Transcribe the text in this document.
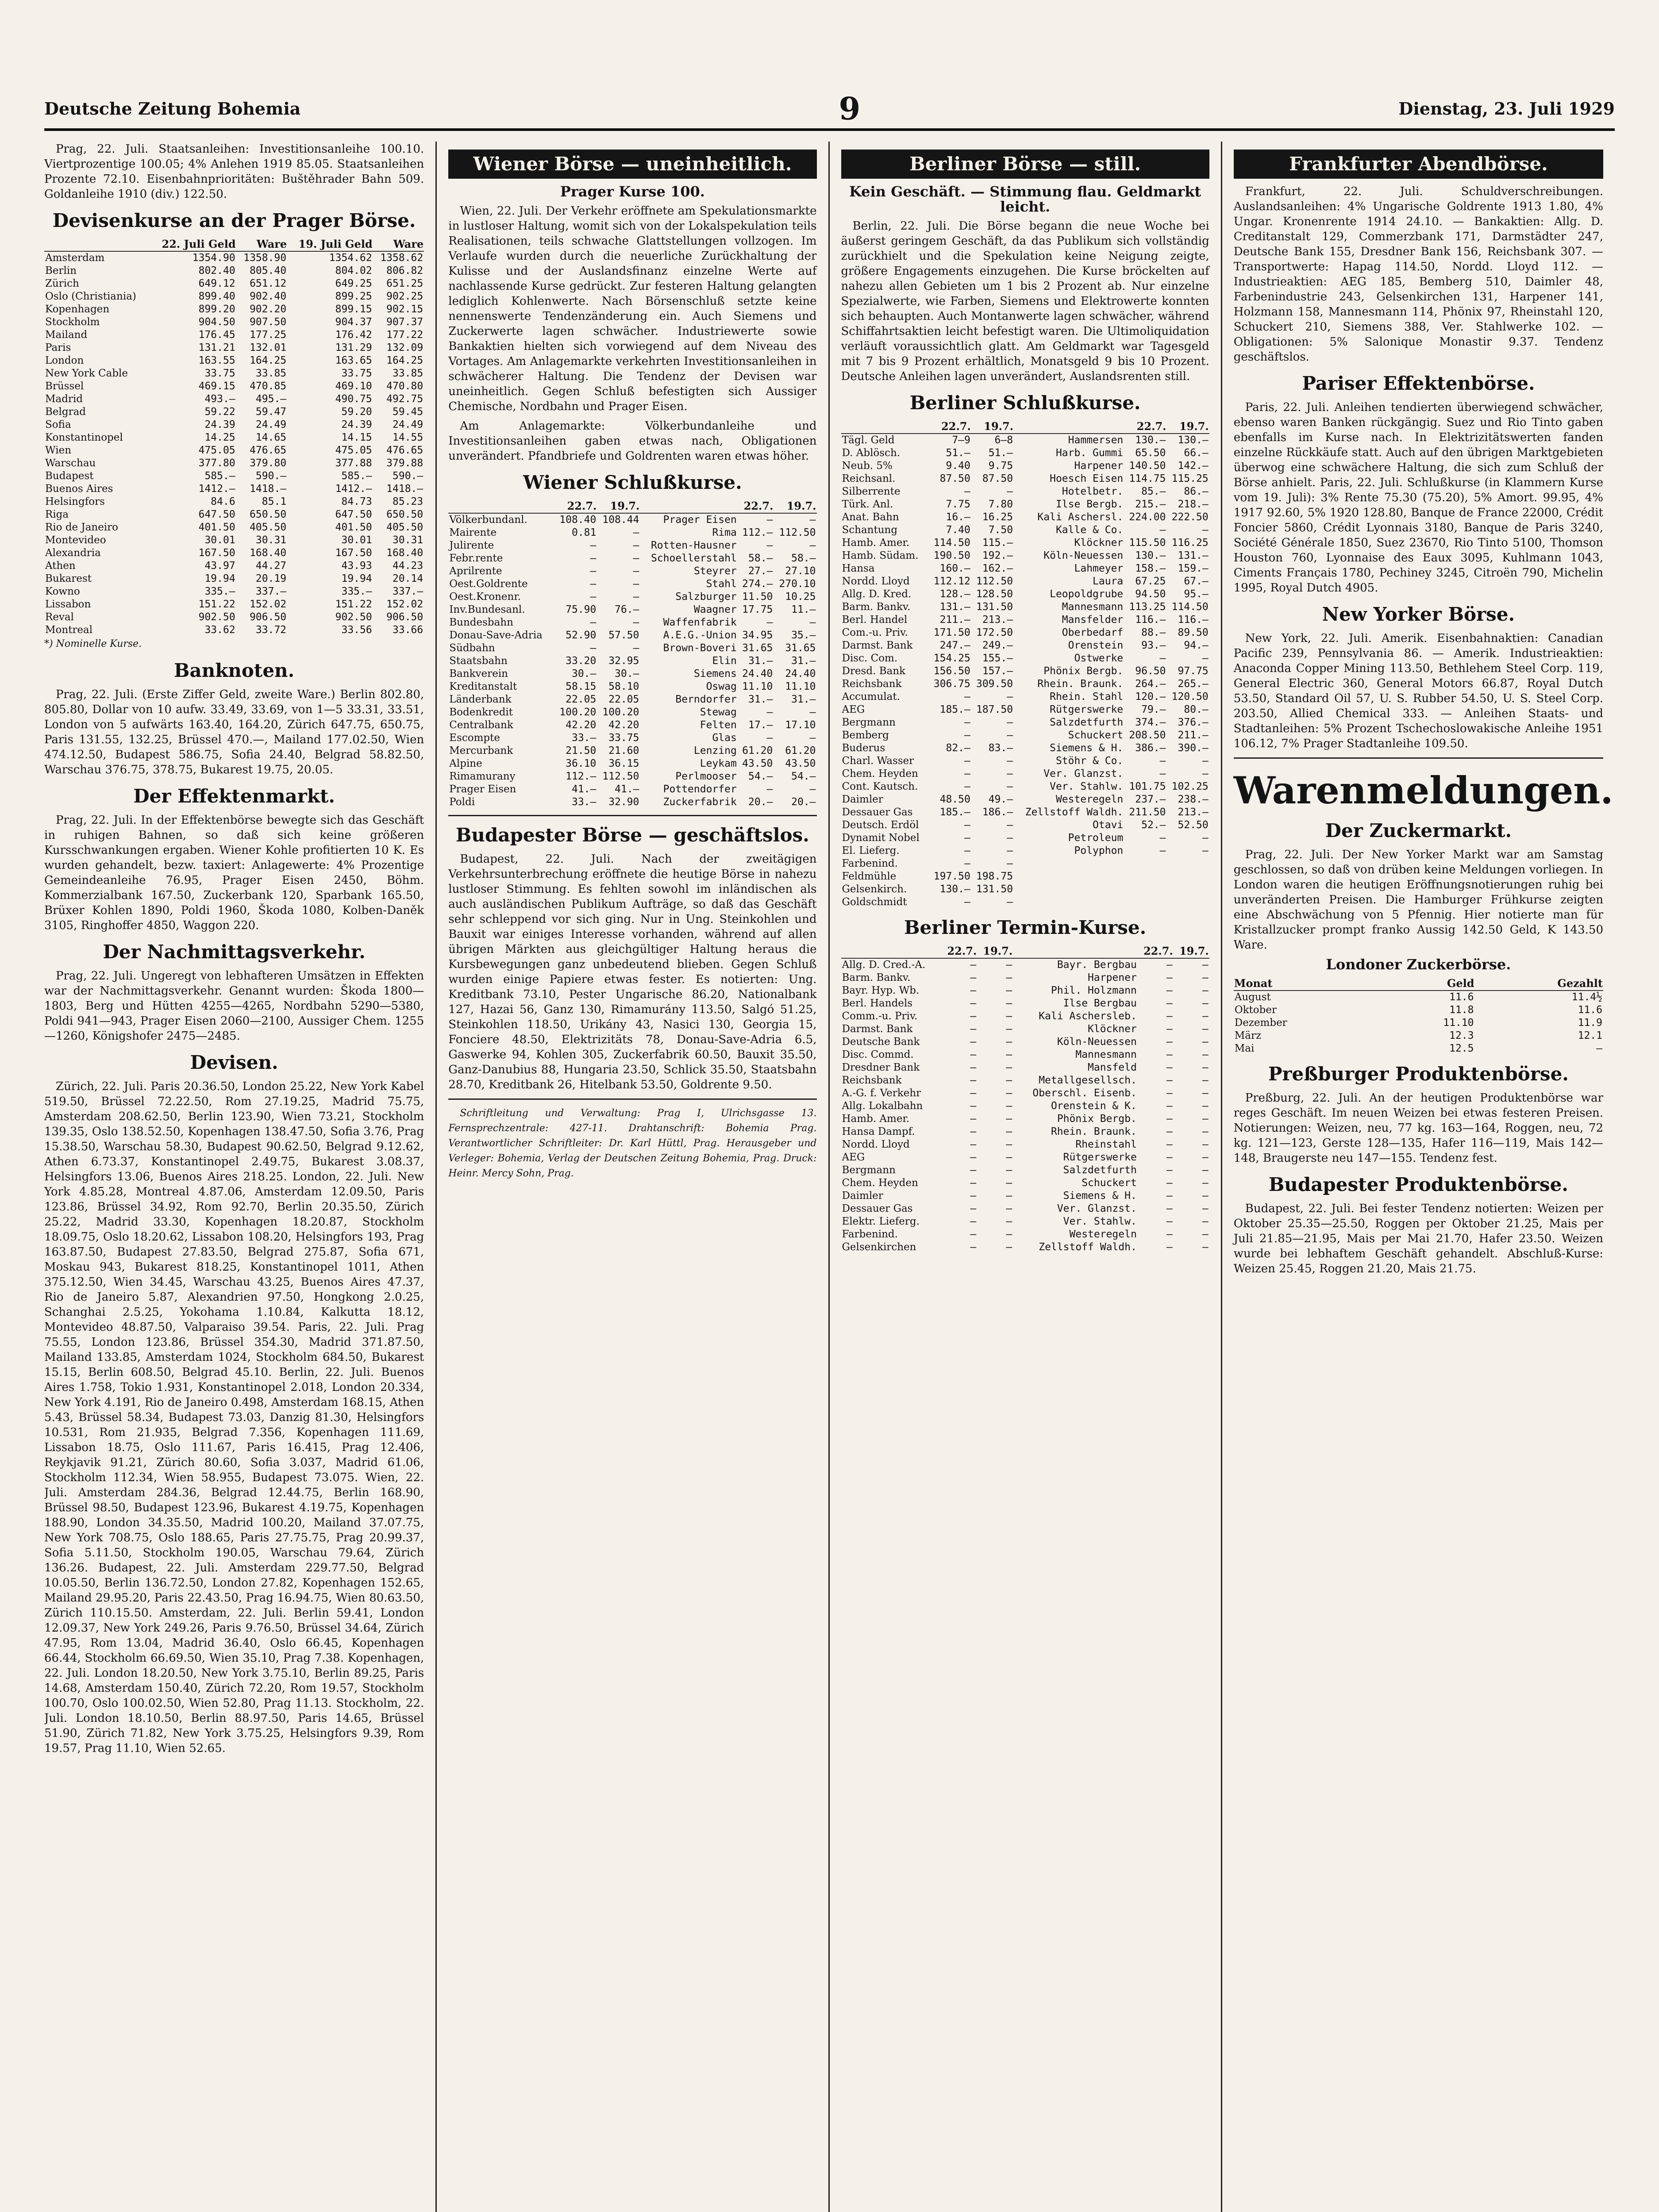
Deutsche Zeitung Bohemia	9	Dienstag, 23. Juli 1929

Prag, 22. Juli. Staatsanleihen: Investitionsanleihe 100.10. Viertprozentige 100.05; 4% Anlehen 1919 85.05. Staatsanleihen Prozente 72.10. Eisenbahnprioritäten: Buštěhrader Bahn 509. Goldanleihe 1910 (div.) 122.50.

Devisenkurse an der Prager Börse.
	22. Juli Geld	Ware	19. Juli Geld	Ware
Amsterdam	1354.90	1358.90	1354.62	1358.62
Berlin	802.40	805.40	804.02	806.82
Zürich	649.12	651.12	649.25	651.25
Oslo (Christiania)	899.40	902.40	899.25	902.25
Kopenhagen	899.20	902.20	899.15	902.15
Stockholm	904.50	907.50	904.37	907.37
Mailand	176.45	177.25	176.42	177.22
Paris	131.21	132.01	131.29	132.09
London	163.55	164.25	163.65	164.25
New York Cable	33.75	33.85	33.75	33.85
Brüssel	469.15	470.85	469.10	470.80
Madrid	493.—	495.—	490.75	492.75
Belgrad	59.22	59.47	59.20	59.45
Sofia	24.39	24.49	24.39	24.49
Konstantinopel	14.25	14.65	14.15	14.55
Wien	475.05	476.65	475.05	476.65
Warschau	377.80	379.80	377.88	379.88
Budapest	585.—	590.—	585.—	590.—
Buenos Aires	1412.—	1418.—	1412.—	1418.—
Helsingfors	84.6	85.1	84.73	85.23
Riga	647.50	650.50	647.50	650.50
Rio de Janeiro	401.50	405.50	401.50	405.50
Montevideo	30.01	30.31	30.01	30.31
Alexandria	167.50	168.40	167.50	168.40
Athen	43.97	44.27	43.93	44.23
Bukarest	19.94	20.19	19.94	20.14
Kowno	335.—	337.—	335.—	337.—
Lissabon	151.22	152.02	151.22	152.02
Reval	902.50	906.50	902.50	906.50
Montreal	33.62	33.72	33.56	33.66
*) Nominelle Kurse.
Banknoten.

Prag, 22. Juli. (Erste Ziffer Geld, zweite Ware.) Berlin 802.80, 805.80, Dollar von 10 aufw. 33.49, 33.69, von 1—5 33.31, 33.51, London von 5 aufwärts 163.40, 164.20, Zürich 647.75, 650.75, Paris 131.55, 132.25, Brüssel 470.—, Mailand 177.02.50, Wien 474.12.50, Budapest 586.75, Sofia 24.40, Belgrad 58.82.50, Warschau 376.75, 378.75, Bukarest 19.75, 20.05.

Der Effektenmarkt.

Prag, 22. Juli. In der Effektenbörse bewegte sich das Geschäft in ruhigen Bahnen, so daß sich keine größeren Kursschwankungen ergaben. Wiener Kohle profitierten 10 K. Es wurden gehandelt, bezw. taxiert: Anlagewerte: 4% Prozentige Gemeindeanleihe 76.95, Prager Eisen 2450, Böhm. Kommerzialbank 167.50, Zuckerbank 120, Sparbank 165.50, Brüxer Kohlen 1890, Poldi 1960, Škoda 1080, Kolben-Daněk 3105, Ringhoffer 4850, Waggon 220.

Der Nachmittagsverkehr.

Prag, 22. Juli. Ungeregt von lebhafteren Umsätzen in Effekten war der Nachmittagsverkehr. Genannt wurden: Škoda 1800—1803, Berg und Hütten 4255—4265, Nordbahn 5290—5380, Poldi 941—943, Prager Eisen 2060—2100, Aussiger Chem. 1255—1260, Königshofer 2475—2485.

Devisen.

Zürich, 22. Juli. Paris 20.36.50, London 25.22, New York Kabel 519.50, Brüssel 72.22.50, Rom 27.19.25, Madrid 75.75, Amsterdam 208.62.50, Berlin 123.90, Wien 73.21, Stockholm 139.35, Oslo 138.52.50, Kopenhagen 138.47.50, Sofia 3.76, Prag 15.38.50, Warschau 58.30, Budapest 90.62.50, Belgrad 9.12.62, Athen 6.73.37, Konstantinopel 2.49.75, Bukarest 3.08.37, Helsingfors 13.06, Buenos Aires 218.25. London, 22. Juli. New York 4.85.28, Montreal 4.87.06, Amsterdam 12.09.50, Paris 123.86, Brüssel 34.92, Rom 92.70, Berlin 20.35.50, Zürich 25.22, Madrid 33.30, Kopenhagen 18.20.87, Stockholm 18.09.75, Oslo 18.20.62, Lissabon 108.20, Helsingfors 193, Prag 163.87.50, Budapest 27.83.50, Belgrad 275.87, Sofia 671, Moskau 943, Bukarest 818.25, Konstantinopel 1011, Athen 375.12.50, Wien 34.45, Warschau 43.25, Buenos Aires 47.37, Rio de Janeiro 5.87, Alexandrien 97.50, Hongkong 2.0.25, Schanghai 2.5.25, Yokohama 1.10.84, Kalkutta 18.12, Montevideo 48.87.50, Valparaiso 39.54. Paris, 22. Juli. Prag 75.55, London 123.86, Brüssel 354.30, Madrid 371.87.50, Mailand 133.85, Amsterdam 1024, Stockholm 684.50, Bukarest 15.15, Berlin 608.50, Belgrad 45.10. Berlin, 22. Juli. Buenos Aires 1.758, Tokio 1.931, Konstantinopel 2.018, London 20.334, New York 4.191, Rio de Janeiro 0.498, Amsterdam 168.15, Athen 5.43, Brüssel 58.34, Budapest 73.03, Danzig 81.30, Helsingfors 10.531, Rom 21.935, Belgrad 7.356, Kopenhagen 111.69, Lissabon 18.75, Oslo 111.67, Paris 16.415, Prag 12.406, Reykjavik 91.21, Zürich 80.60, Sofia 3.037, Madrid 61.06, Stockholm 112.34, Wien 58.955, Budapest 73.075. Wien, 22. Juli. Amsterdam 284.36, Belgrad 12.44.75, Berlin 168.90, Brüssel 98.50, Budapest 123.96, Bukarest 4.19.75, Kopenhagen 188.90, London 34.35.50, Madrid 100.20, Mailand 37.07.75, New York 708.75, Oslo 188.65, Paris 27.75.75, Prag 20.99.37, Sofia 5.11.50, Stockholm 190.05, Warschau 79.64, Zürich 136.26. Budapest, 22. Juli. Amsterdam 229.77.50, Belgrad 10.05.50, Berlin 136.72.50, London 27.82, Kopenhagen 152.65, Mailand 29.95.20, Paris 22.43.50, Prag 16.94.75, Wien 80.63.50, Zürich 110.15.50. Amsterdam, 22. Juli. Berlin 59.41, London 12.09.37, New York 249.26, Paris 9.76.50, Brüssel 34.64, Zürich 47.95, Rom 13.04, Madrid 36.40, Oslo 66.45, Kopenhagen 66.44, Stockholm 66.69.50, Wien 35.10, Prag 7.38. Kopenhagen, 22. Juli. London 18.20.50, New York 3.75.10, Berlin 89.25, Paris 14.68, Amsterdam 150.40, Zürich 72.20, Rom 19.57, Stockholm 100.70, Oslo 100.02.50, Wien 52.80, Prag 11.13. Stockholm, 22. Juli. London 18.10.50, Berlin 88.97.50, Paris 14.65, Brüssel 51.90, Zürich 71.82, New York 3.75.25, Helsingfors 9.39, Rom 19.57, Prag 11.10, Wien 52.65.

Wiener Börse — uneinheitlich.
Prager Kurse 100.

Wien, 22. Juli. Der Verkehr eröffnete am Spekulationsmarkte in lustloser Haltung, womit sich von der Lokalspekulation teils Realisationen, teils schwache Glattstellungen vollzogen. Im Verlaufe wurden durch die neuerliche Zurückhaltung der Kulisse und der Auslandsfinanz einzelne Werte auf nachlassende Kurse gedrückt. Zur festeren Haltung gelangten lediglich Kohlenwerte. Nach Börsenschluß setzte keine nennenswerte Tendenzänderung ein. Auch Siemens und Zuckerwerte lagen schwächer. Industriewerte sowie Bankaktien hielten sich vorwiegend auf dem Niveau des Vortages. Am Anlagemarkte verkehrten Investitionsanleihen in schwächerer Haltung. Die Tendenz der Devisen war uneinheitlich. Gegen Schluß befestigten sich Aussiger Chemische, Nordbahn und Prager Eisen.

Am Anlagemarkte: Völkerbundanleihe und Investitionsanleihen gaben etwas nach, Obligationen unverändert. Pfandbriefe und Goldrenten waren etwas höher.

Wiener Schlußkurse.
	22.7.	19.7.		22.7.	19.7.
Völkerbundanl.	108.40	108.44	Prager Eisen	—	—
Mairente	0.81	—	Rima	112.—	112.50
Julirente	—	—	Rotten-Hausner	—	—
Febr.rente	—	—	Schoellerstahl	58.—	58.—
Aprilrente	—	—	Steyrer	27.—	27.10
Oest.Goldrente	—	—	Stahl	274.—	270.10
Oest.Kronenr.	—	—	Salzburger	11.50	10.25
Inv.Bundesanl.	75.90	76.—	Waagner	17.75	11.—
Bundesbahn	—	—	Waffenfabrik	—	—
Donau-Save-Adria	52.90	57.50	A.E.G.-Union	34.95	35.—
Südbahn	—	—	Brown-Boveri	31.65	31.65
Staatsbahn	33.20	32.95	Elin	31.—	31.—
Bankverein	30.—	30.—	Siemens	24.40	24.40
Kreditanstalt	58.15	58.10	Oswag	11.10	11.10
Länderbank	22.05	22.05	Berndorfer	31.—	31.—
Bodenkredit	100.20	100.20	Stewag	—	—
Centralbank	42.20	42.20	Felten	17.—	17.10
Escompte	33.—	33.75	Glas	—	—
Mercurbank	21.50	21.60	Lenzing	61.20	61.20
Alpine	36.10	36.15	Leykam	43.50	43.50
Rimamurany	112.—	112.50	Perlmooser	54.—	54.—
Prager Eisen	41.—	41.—	Pottendorfer	—	—
Poldi	33.—	32.90	Zuckerfabrik	20.—	20.—
Budapester Börse — geschäftslos.

Budapest, 22. Juli. Nach der zweitägigen Verkehrsunterbrechung eröffnete die heutige Börse in nahezu lustloser Stimmung. Es fehlten sowohl im inländischen als auch ausländischen Publikum Aufträge, so daß das Geschäft sehr schleppend vor sich ging. Nur in Ung. Steinkohlen und Bauxit war einiges Interesse vorhanden, während auf allen übrigen Märkten aus gleichgültiger Haltung heraus die Kursbewegungen ganz unbedeutend blieben. Gegen Schluß wurden einige Papiere etwas fester. Es notierten: Ung. Kreditbank 73.10, Pester Ungarische 86.20, Nationalbank 127, Hazai 56, Ganz 130, Rimamurány 113.50, Salgó 51.25, Steinkohlen 118.50, Urikány 43, Nasici 130, Georgia 15, Fonciere 48.50, Elektrizitäts 78, Donau-Save-Adria 6.5, Gaswerke 94, Kohlen 305, Zuckerfabrik 60.50, Bauxit 35.50, Ganz-Danubius 88, Hungaria 23.50, Schlick 35.50, Staatsbahn 28.70, Kreditbank 26, Hitelbank 53.50, Goldrente 9.50.

Schriftleitung und Verwaltung: Prag I, Ulrichsgasse 13. Fernsprechzentrale: 427-11. Drahtanschrift: Bohemia Prag. Verantwortlicher Schriftleiter: Dr. Karl Hüttl, Prag. Herausgeber und Verleger: Bohemia, Verlag der Deutschen Zeitung Bohemia, Prag. Druck: Heinr. Mercy Sohn, Prag.

Berliner Börse — still.
Kein Geschäft. — Stimmung flau. Geldmarkt leicht.

Berlin, 22. Juli. Die Börse begann die neue Woche bei äußerst geringem Geschäft, da das Publikum sich vollständig zurückhielt und die Spekulation keine Neigung zeigte, größere Engagements einzugehen. Die Kurse bröckelten auf nahezu allen Gebieten um 1 bis 2 Prozent ab. Nur einzelne Spezialwerte, wie Farben, Siemens und Elektrowerte konnten sich behaupten. Auch Montanwerte lagen schwächer, während Schiffahrtsaktien leicht befestigt waren. Die Ultimoliquidation verläuft voraussichtlich glatt. Am Geldmarkt war Tagesgeld mit 7 bis 9 Prozent erhältlich, Monatsgeld 9 bis 10 Prozent. Deutsche Anleihen lagen unverändert, Auslandsrenten still.

Berliner Schlußkurse.
	22.7.	19.7.		22.7.	19.7.
Tägl. Geld	7–9	6–8	Hammersen	130.—	130.—
D. Ablösch.	51.—	51.—	Harb. Gummi	65.50	66.—
Neub. 5%	9.40	9.75	Harpener	140.50	142.—
Reichsanl.	87.50	87.50	Hoesch Eisen	114.75	115.25
Silberrente	—	—	Hotelbetr.	85.—	86.—
Türk. Anl.	7.75	7.80	Ilse Bergb.	215.—	218.—
Anat. Bahn	16.—	16.25	Kali Aschersl.	224.00	222.50
Schantung	7.40	7.50	Kalle & Co.	—	—
Hamb. Amer.	114.50	115.—	Klöckner	115.50	116.25
Hamb. Südam.	190.50	192.—	Köln-Neuessen	130.—	131.—
Hansa	160.—	162.—	Lahmeyer	158.—	159.—
Nordd. Lloyd	112.12	112.50	Laura	67.25	67.—
Allg. D. Kred.	128.—	128.50	Leopoldgrube	94.50	95.—
Barm. Bankv.	131.—	131.50	Mannesmann	113.25	114.50
Berl. Handel	211.—	213.—	Mansfelder	116.—	116.—
Com.-u. Priv.	171.50	172.50	Oberbedarf	88.—	89.50
Darmst. Bank	247.—	249.—	Orenstein	93.—	94.—
Disc. Com.	154.25	155.—	Ostwerke	—	—
Dresd. Bank	156.50	157.—	Phönix Bergb.	96.50	97.75
Reichsbank	306.75	309.50	Rhein. Braunk.	264.—	265.—
Accumulat.	—	—	Rhein. Stahl	120.—	120.50
AEG	185.—	187.50	Rütgerswerke	79.—	80.—
Bergmann	—	—	Salzdetfurth	374.—	376.—
Bemberg	—	—	Schuckert	208.50	211.—
Buderus	82.—	83.—	Siemens & H.	386.—	390.—
Charl. Wasser	—	—	Stöhr & Co.	—	—
Chem. Heyden	—	—	Ver. Glanzst.	—	—
Cont. Kautsch.	—	—	Ver. Stahlw.	101.75	102.25
Daimler	48.50	49.—	Westeregeln	237.—	238.—
Dessauer Gas	185.—	186.—	Zellstoff Waldh.	211.50	213.—
Deutsch. Erdöl	—	—	Otavi	52.—	52.50
Dynamit Nobel	—	—	Petroleum	—	—
El. Lieferg.	—	—	Polyphon	—	—
Farbenind.	—	—			
Feldmühle	197.50	198.75			
Gelsenkirch.	130.—	131.50			
Goldschmidt	—	—			
Berliner Termin-Kurse.
	22.7.	19.7.		22.7.	19.7.
Allg. D. Cred.-A.	—	—	Bayr. Bergbau	—	—
Barm. Bankv.	—	—	Harpener	—	—
Bayr. Hyp. Wb.	—	—	Phil. Holzmann	—	—
Berl. Handels	—	—	Ilse Bergbau	—	—
Comm.-u. Priv.	—	—	Kali Aschersleb.	—	—
Darmst. Bank	—	—	Klöckner	—	—
Deutsche Bank	—	—	Köln-Neuessen	—	—
Disc. Commd.	—	—	Mannesmann	—	—
Dresdner Bank	—	—	Mansfeld	—	—
Reichsbank	—	—	Metallgesellsch.	—	—
A.-G. f. Verkehr	—	—	Oberschl. Eisenb.	—	—
Allg. Lokalbahn	—	—	Orenstein & K.	—	—
Hamb. Amer.	—	—	Phönix Bergb.	—	—
Hansa Dampf.	—	—	Rhein. Braunk.	—	—
Nordd. Lloyd	—	—	Rheinstahl	—	—
AEG	—	—	Rütgerswerke	—	—
Bergmann	—	—	Salzdetfurth	—	—
Chem. Heyden	—	—	Schuckert	—	—
Daimler	—	—	Siemens & H.	—	—
Dessauer Gas	—	—	Ver. Glanzst.	—	—
Elektr. Lieferg.	—	—	Ver. Stahlw.	—	—
Farbenind.	—	—	Westeregeln	—	—
Gelsenkirchen	—	—	Zellstoff Waldh.	—	—
Frankfurter Abendbörse.

Frankfurt, 22. Juli. Schuldverschreibungen. Auslandsanleihen: 4% Ungarische Goldrente 1913 1.80, 4% Ungar. Kronenrente 1914 24.10. — Bankaktien: Allg. D. Creditanstalt 129, Commerzbank 171, Darmstädter 247, Deutsche Bank 155, Dresdner Bank 156, Reichsbank 307. — Transportwerte: Hapag 114.50, Nordd. Lloyd 112. — Industrieaktien: AEG 185, Bemberg 510, Daimler 48, Farbenindustrie 243, Gelsenkirchen 131, Harpener 141, Holzmann 158, Mannesmann 114, Phönix 97, Rheinstahl 120, Schuckert 210, Siemens 388, Ver. Stahlwerke 102. — Obligationen: 5% Salonique Monastir 9.37. Tendenz geschäftslos.

Pariser Effektenbörse.

Paris, 22. Juli. Anleihen tendierten überwiegend schwächer, ebenso waren Banken rückgängig. Suez und Rio Tinto gaben ebenfalls im Kurse nach. In Elektrizitätswerten fanden einzelne Rückkäufe statt. Auch auf den übrigen Marktgebieten überwog eine schwächere Haltung, die sich zum Schluß der Börse anhielt. Paris, 22. Juli. Schlußkurse (in Klammern Kurse vom 19. Juli): 3% Rente 75.30 (75.20), 5% Amort. 99.95, 4% 1917 92.60, 5% 1920 128.80, Banque de France 22000, Crédit Foncier 5860, Crédit Lyonnais 3180, Banque de Paris 3240, Société Générale 1850, Suez 23670, Rio Tinto 5100, Thomson Houston 760, Lyonnaise des Eaux 3095, Kuhlmann 1043, Ciments Français 1780, Pechiney 3245, Citroën 790, Michelin 1995, Royal Dutch 4905.

New Yorker Börse.

New York, 22. Juli. Amerik. Eisenbahnaktien: Canadian Pacific 239, Pennsylvania 86. — Amerik. Industrieaktien: Anaconda Copper Mining 113.50, Bethlehem Steel Corp. 119, General Electric 360, General Motors 66.87, Royal Dutch 53.50, Standard Oil 57, U. S. Rubber 54.50, U. S. Steel Corp. 203.50, Allied Chemical 333. — Anleihen Staats- und Stadtanleihen: 5% Prozent Tschechoslowakische Anleihe 1951 106.12, 7% Prager Stadtanleihe 109.50.

Warenmeldungen.
Der Zuckermarkt.

Prag, 22. Juli. Der New Yorker Markt war am Samstag geschlossen, so daß von drüben keine Meldungen vorliegen. In London waren die heutigen Eröffnungsnotierungen ruhig bei unveränderten Preisen. Die Hamburger Frühkurse zeigten eine Abschwächung von 5 Pfennig. Hier notierte man für Kristallzucker prompt franko Aussig 142.50 Geld, K 143.50 Ware.

Londoner Zuckerbörse.
Monat	Geld	Gezahlt
August	11.6	11.4½
Oktober	11.8	11.6
Dezember	11.10	11.9
März	12.3	12.1
Mai	12.5	—
Preßburger Produktenbörse.

Preßburg, 22. Juli. An der heutigen Produktenbörse war reges Geschäft. Im neuen Weizen bei etwas festeren Preisen. Notierungen: Weizen, neu, 77 kg. 163—164, Roggen, neu, 72 kg. 121—123, Gerste 128—135, Hafer 116—119, Mais 142—148, Braugerste neu 147—155. Tendenz fest.

Budapester Produktenbörse.

Budapest, 22. Juli. Bei fester Tendenz notierten: Weizen per Oktober 25.35—25.50, Roggen per Oktober 21.25, Mais per Juli 21.85—21.95, Mais per Mai 21.70, Hafer 23.50. Weizen wurde bei lebhaftem Geschäft gehandelt. Abschluß-Kurse: Weizen 25.45, Roggen 21.20, Mais 21.75.
